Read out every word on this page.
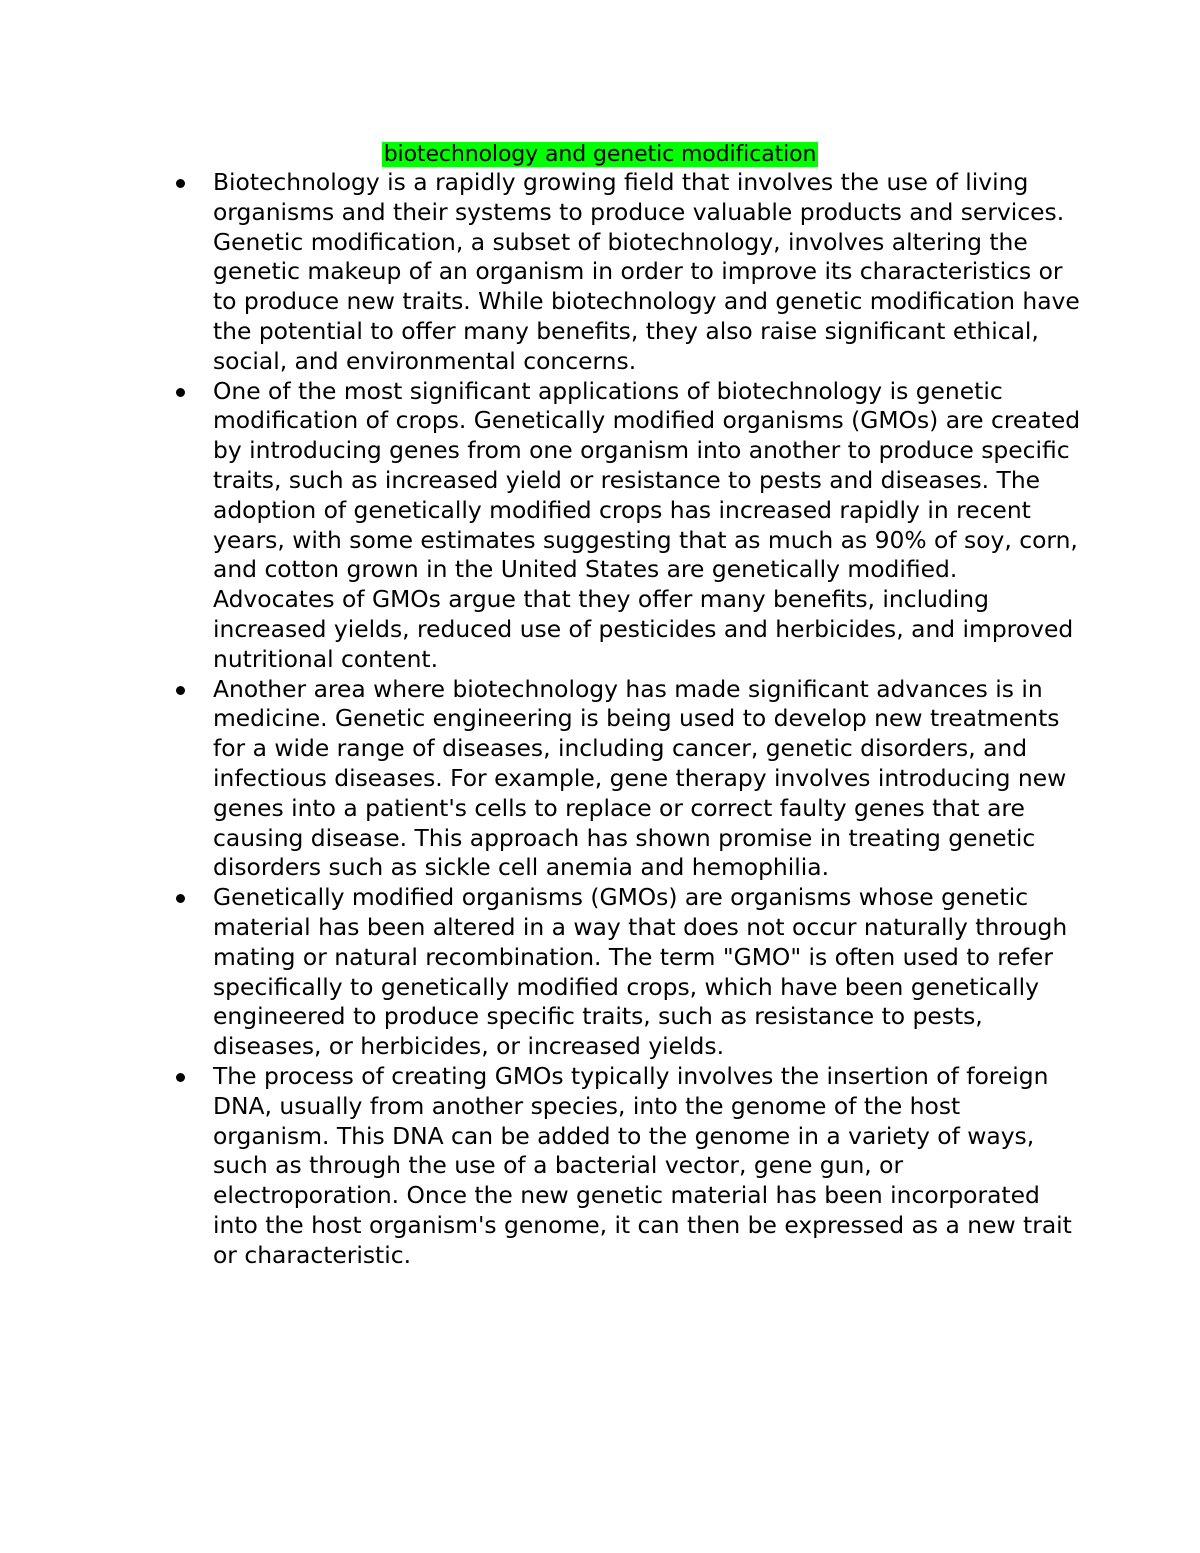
biotechnology and genetic modification
Biotechnology is a rapidly growing field that involves the use of living organisms and their systems to produce valuable products and services. Genetic modification, a subset of biotechnology, involves altering the genetic makeup of an organism in order to improve its characteristics or to produce new traits. While biotechnology and genetic modification have the potential to offer many benefits, they also raise significant ethical, social, and environmental concerns.
One of the most significant applications of biotechnology is genetic modification of crops. Genetically modified organisms (GMOs) are created by introducing genes from one organism into another to produce specific traits, such as increased yield or resistance to pests and diseases. The adoption of genetically modified crops has increased rapidly in recent years, with some estimates suggesting that as much as 90% of soy, corn, and cotton grown in the United States are genetically modified. Advocates of GMOs argue that they offer many benefits, including increased yields, reduced use of pesticides and herbicides, and improved nutritional content.
Another area where biotechnology has made significant advances is in medicine. Genetic engineering is being used to develop new treatments for a wide range of diseases, including cancer, genetic disorders, and infectious diseases. For example, gene therapy involves introducing new genes into a patient's cells to replace or correct faulty genes that are causing disease. This approach has shown promise in treating genetic disorders such as sickle cell anemia and hemophilia.
Genetically modified organisms (GMOs) are organisms whose genetic material has been altered in a way that does not occur naturally through mating or natural recombination. The term "GMO" is often used to refer specifically to genetically modified crops, which have been genetically engineered to produce specific traits, such as resistance to pests, diseases, or herbicides, or increased yields.
The process of creating GMOs typically involves the insertion of foreign DNA, usually from another species, into the genome of the host organism. This DNA can be added to the genome in a variety of ways, such as through the use of a bacterial vector, gene gun, or electroporation. Once the new genetic material has been incorporated into the host organism's genome, it can then be expressed as a new trait or characteristic.
